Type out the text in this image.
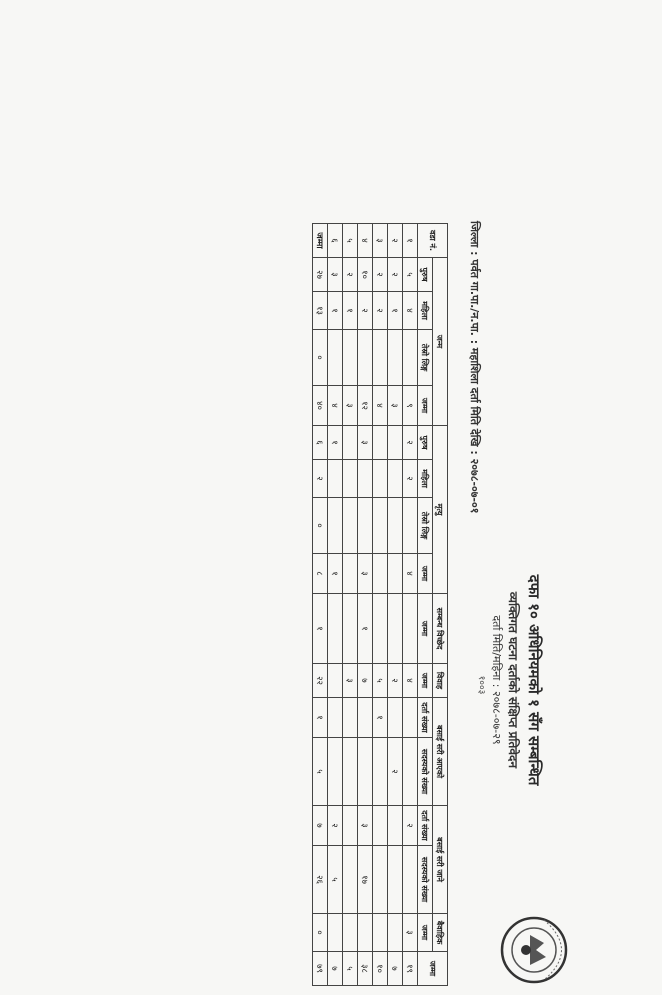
दफा १० अधिनियमको १ सँग सम्बन्धित
व्यक्तिगत घटना दर्ताको संक्षिप्त प्रतिवेदन
दर्ता मिति/महिना : २०७८-०७-२९
१००३
जिल्ला : पर्वत गा.पा./न.पा. : महाशिला दर्ता मिति देखि : २०७८-०७-०१
वडा नं.	जन्म				मृत्यु				सम्बन्ध विच्छेद	विवाह	बसाई सरी आएको		बसाई सरी जाने		बैवाहिक	जम्मा
	पुरुष	महिला	तेस्रो लिङ्ग	जम्मा	पुरुष	महिला	तेस्रो लिङ्ग	जम्मा	जम्मा	जम्मा	दर्ता संख्या	सदस्यको संख्या	दर्ता संख्या	सदस्यको संख्या	जम्मा	
१	५	४		९	२	२		४		४			२		३	१९
२	२	१		३						२		२				७
३	२	२		४						५	१					१०
४	१०	२		१२	३			३	१	७			३	१७		३८
५	२	१		३						३						५
६	३	१		४	१			१					२	५		७
जम्मा	२७	१३	०	४०	६	२	०	८	१	२२	१	५	७	२६	०	७९
